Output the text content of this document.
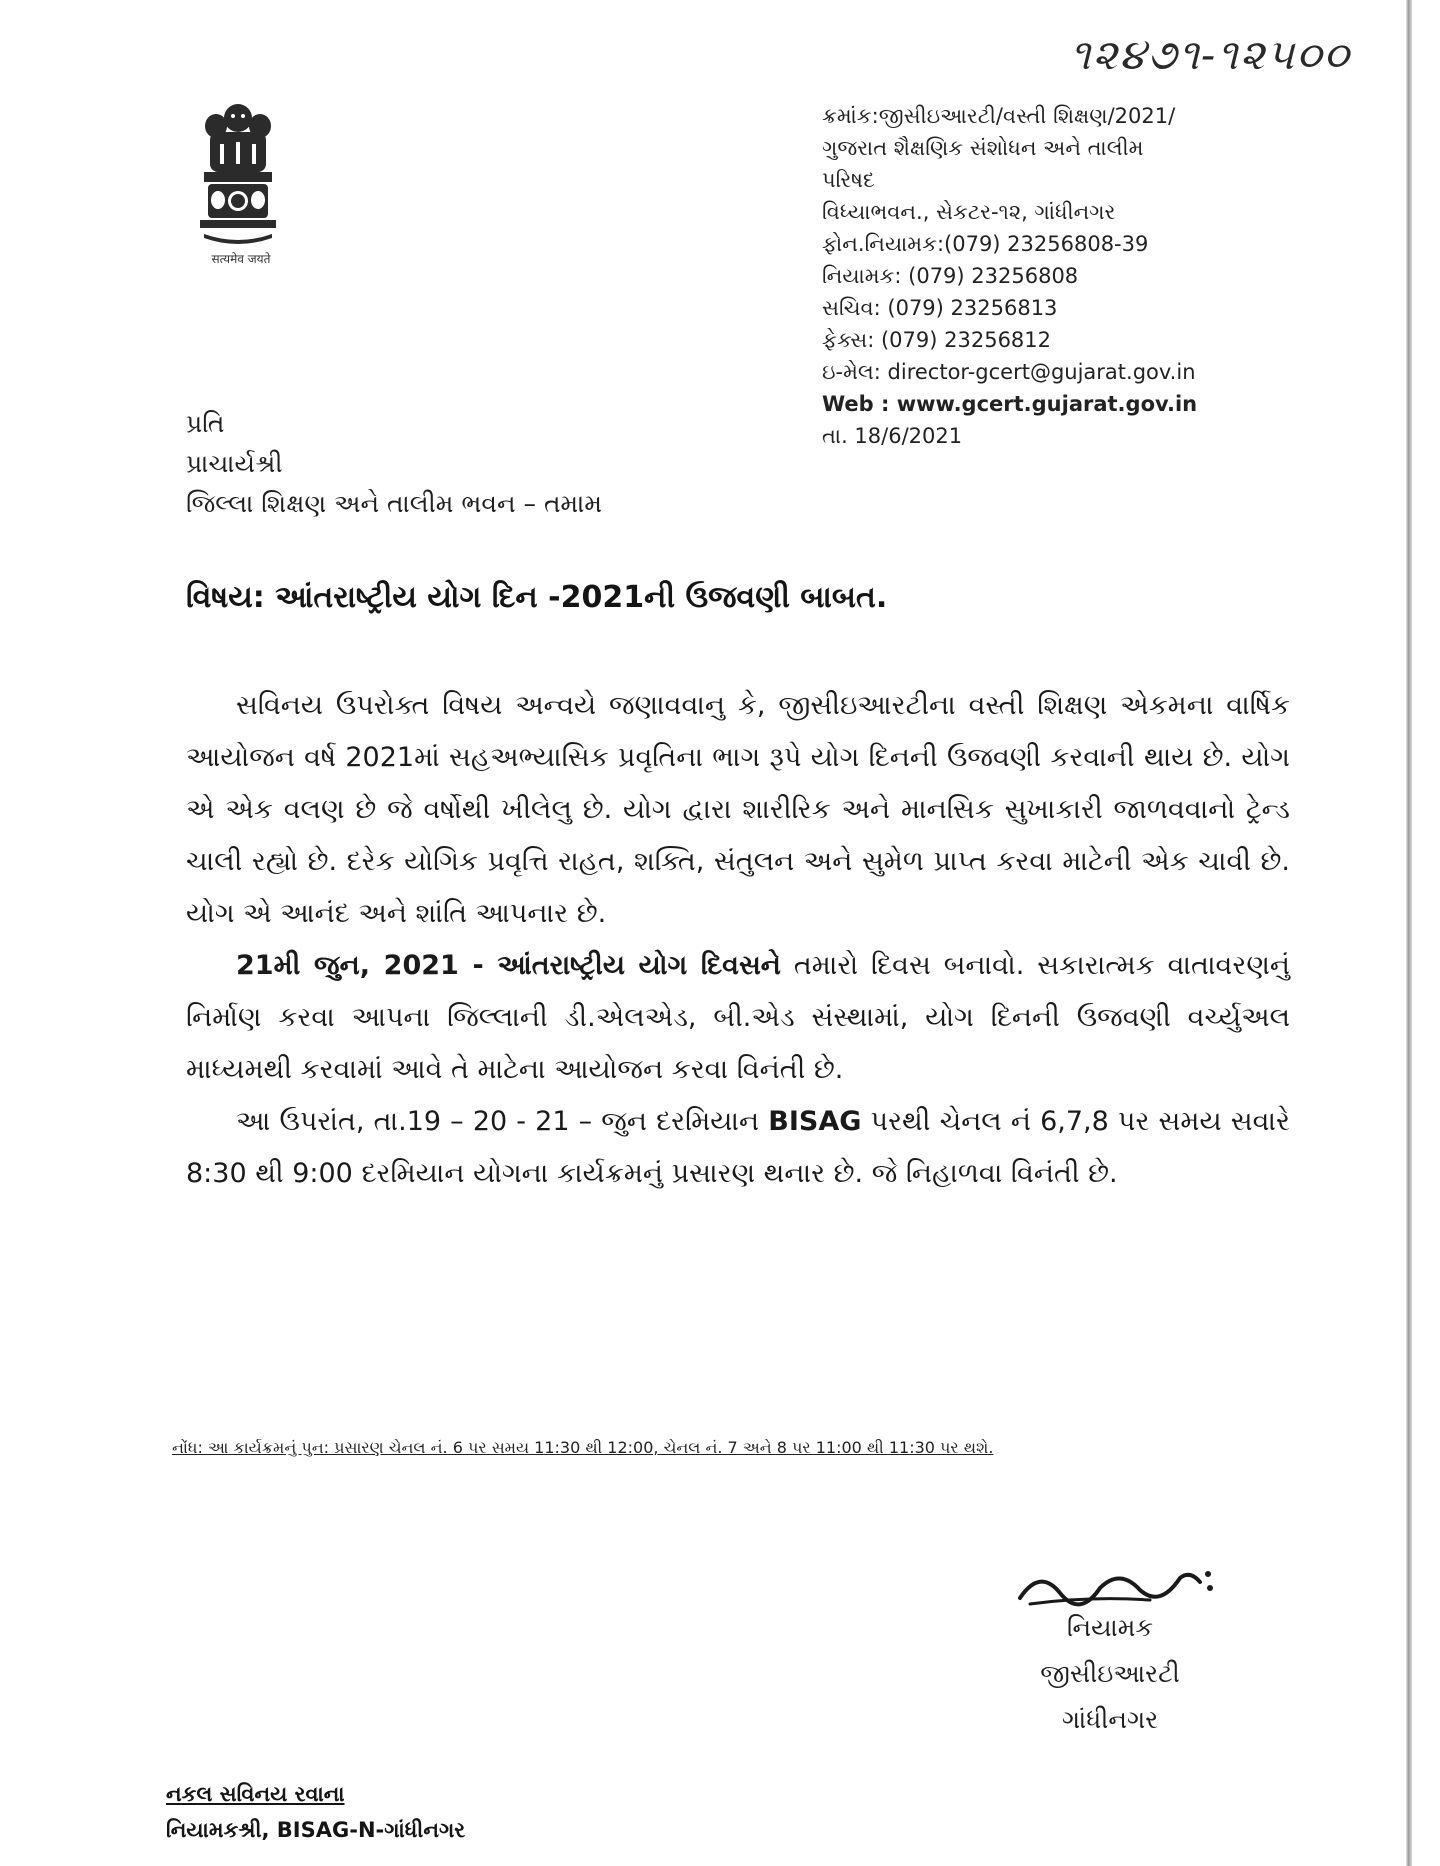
૧૨૪૭૧-૧૨૫૦૦
सत्यमेव जयते
ક્રમાંક:જીસીઇઆરટી/વસ્તી શિક્ષણ/2021/
ગુજરાત શૈક્ષણિક સંશોધન અને તાલીમ
પરિષદ
વિધ્યાભવન., સેકટર-૧૨, ગાંધીનગર
ફોન.નિયામક:(079) 23256808-39
નિયામક: (079) 23256808
સચિવ: (079) 23256813
ફેક્સ: (079) 23256812
ઇ-મેલ: director-gcert@gujarat.gov.in
Web : www.gcert.gujarat.gov.in
તા. 18/6/2021
પ્રતિ
પ્રાચાર્યશ્રી
જિલ્લા શિક્ષણ અને તાલીમ ભવન – તમામ
વિષય: આંતરાષ્ટ્રીય યોગ દિન -2021ની ઉજવણી બાબત.

સવિનય ઉપરોક્ત વિષય અન્વયે જણાવવાનુ કે, જીસીઇઆરટીના વસ્તી શિક્ષણ એકમના વાર્ષિક આયોજન વર્ષ 2021માં સહઅભ્યાસિક પ્રવૃતિના ભાગ રૂપે યોગ દિનની ઉજવણી કરવાની થાય છે. યોગ એ એક વલણ છે જે વર્ષોથી ખીલેલુ છે. યોગ દ્વારા શારીરિક અને માનસિક સુખાકારી જાળવવાનો ટ્રેન્ડ ચાલી રહ્યો છે. દરેક યોગિક પ્રવૃત્તિ રાહત, શક્તિ, સંતુલન અને સુમેળ પ્રાપ્ત કરવા માટેની એક ચાવી છે. યોગ એ આનંદ અને શાંતિ આપનાર છે.

21મી જુન, 2021 - આંતરાષ્ટ્રીય યોગ દિવસને તમારો દિવસ બનાવો. સકારાત્મક વાતાવરણનું નિર્માણ કરવા આપના જિલ્લાની ડી.એલએડ, બી.એડ સંસ્થામાં, યોગ દિનની ઉજવણી વર્ચ્યુઅલ માધ્યમથી કરવામાં આવે તે માટેના આયોજન કરવા વિનંતી છે.

આ ઉપરાંત, તા.19 – 20 - 21 – જુન દરમિયાન BISAG પરથી ચેનલ નં 6,7,8 પર સમય સવારે 8:30 થી 9:00 દરમિયાન યોગના કાર્યક્રમનું પ્રસારણ થનાર છે. જે નિહાળવા વિનંતી છે.

નોંધ: આ કાર્યક્રમનું પુન: પ્રસારણ ચેનલ નં. 6 પર સમય 11:30 થી 12:00, ચેનલ નં. 7 અને 8 પર 11:00 થી 11:30 પર થશે.
નિયામક
જીસીઇઆરટી
ગાંધીનગર
નકલ સવિનય રવાના
નિયામકશ્રી, BISAG-N-ગાંધીનગર
